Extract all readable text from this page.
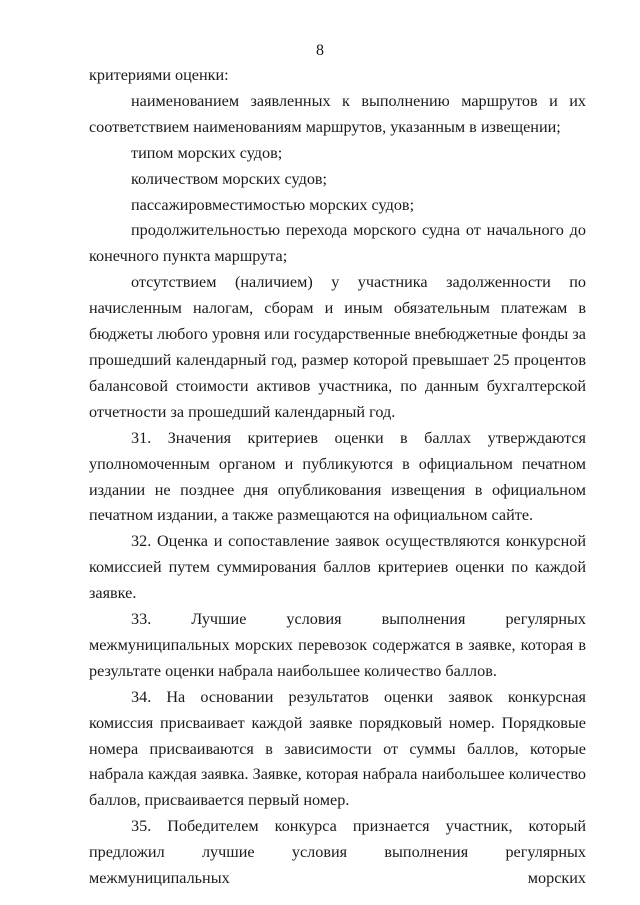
8

критериями оценки:

наименованием заявленных к выполнению маршрутов и их соответствием наименованиям маршрутов, указанным в извещении;

типом морских судов;

количеством морских судов;

пассажировместимостью морских судов;

продолжительностью перехода морского судна от начального до конечного пункта маршрута;

отсутствием (наличием) у участника задолженности по начисленным налогам, сборам и иным обязательным платежам в бюджеты любого уровня или государственные внебюджетные фонды за прошедший календарный год, размер которой превышает 25 процентов балансовой стоимости активов участника, по данным бухгалтерской отчетности за прошедший календарный год.

31. Значения критериев оценки в баллах утверждаются уполномоченным органом и публикуются в официальном печатном издании не позднее дня опубликования извещения в официальном печатном издании, а также размещаются на официальном сайте.

32. Оценка и сопоставление заявок осуществляются конкурсной комиссией путем суммирования баллов критериев оценки по каждой заявке.

33. Лучшие условия выполнения регулярных межмуниципальных морских перевозок содержатся в заявке, которая в результате оценки набрала наибольшее количество баллов.

34. На основании результатов оценки заявок конкурсная комиссия присваивает каждой заявке порядковый номер. Порядковые номера присваиваются в зависимости от суммы баллов, которые набрала каждая заявка. Заявке, которая набрала наибольшее количество баллов, присваивается первый номер.

35. Победителем конкурса признается участник, который предложил лучшие условия выполнения регулярных межмуниципальных морских
